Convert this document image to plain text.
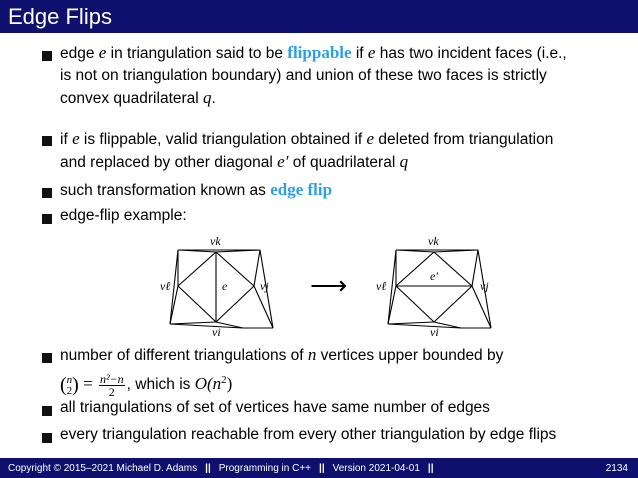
Edge Flips
edge e in triangulation said to be flippable if e has two incident faces (i.e.,
is not on triangulation boundary) and union of these two faces is strictly
convex quadrilateral q.
if e is flippable, valid triangulation obtained if e deleted from triangulation
and replaced by other diagonal e′ of quadrilateral q
such transformation known as edge flip
edge-flip example:
vk
vℓ	vj
vi
e	⟶
vk
vℓ	vj
vi
e′
number of different triangulations of n vertices upper bounded by
( n
2 ) = $\frac{\text{n²−n}}{2}$ , which is $O(n^2)$
all triangulations of set of vertices have same number of edges
every triangulation reachable from every other triangulation by edge flips
Copyright © 2015–2021 Michael D. Adams || Programming in C++ || Version 2021-04-01 ||	2134
